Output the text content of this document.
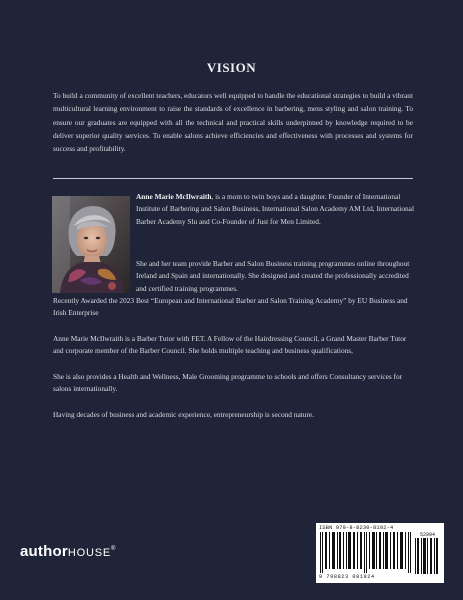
VISION

To build a community of excellent teachers, educators well equipped to handle the educational strategies to build a vibrant multicultural learning environment to raise the standards of excellence in barbering, mens styling and salon training. To ensure our graduates are equipped with all the technical and practical skills underpinned by knowledge required to be deliver superior quality services. To enable salons achieve efficiencies and effectiveness with processes and systems for success and profitability.

Anne Marie McIlwraith, is a mom to twin boys and a daughter. Founder of International Institute of Barbering and Salon Business, International Salon Academy AM Ltd, International Barber Academy Slu and Co-Founder of Just for Men Limited.

She and her team provide Barber and Salon Business training programmes online throughout Ireland and Spain and internationally. She designed and created the professionally accredited and certified training programmes.

Recently Awarded the 2023 Best “European and International Barber and Salon Training Academy” by EU Business and Irish Enterprise

Anne Marie McIlwraith is a Barber Tutor with FET. A Fellow of the Hairdressing Council, a Grand Master Barber Tutor and corporate member of the Barber Council. She holds multiple teaching and business qualifications,

She is also provides a Health and Wellness, Male Grooming programme to schools and offers Consultancy services for salons internationally.

Having decades of business and academic experience, entrepreneurship is second nature.

authorHOUSE®
ISBN 979-8-8230-8192-4
52994
9 798823 081924
